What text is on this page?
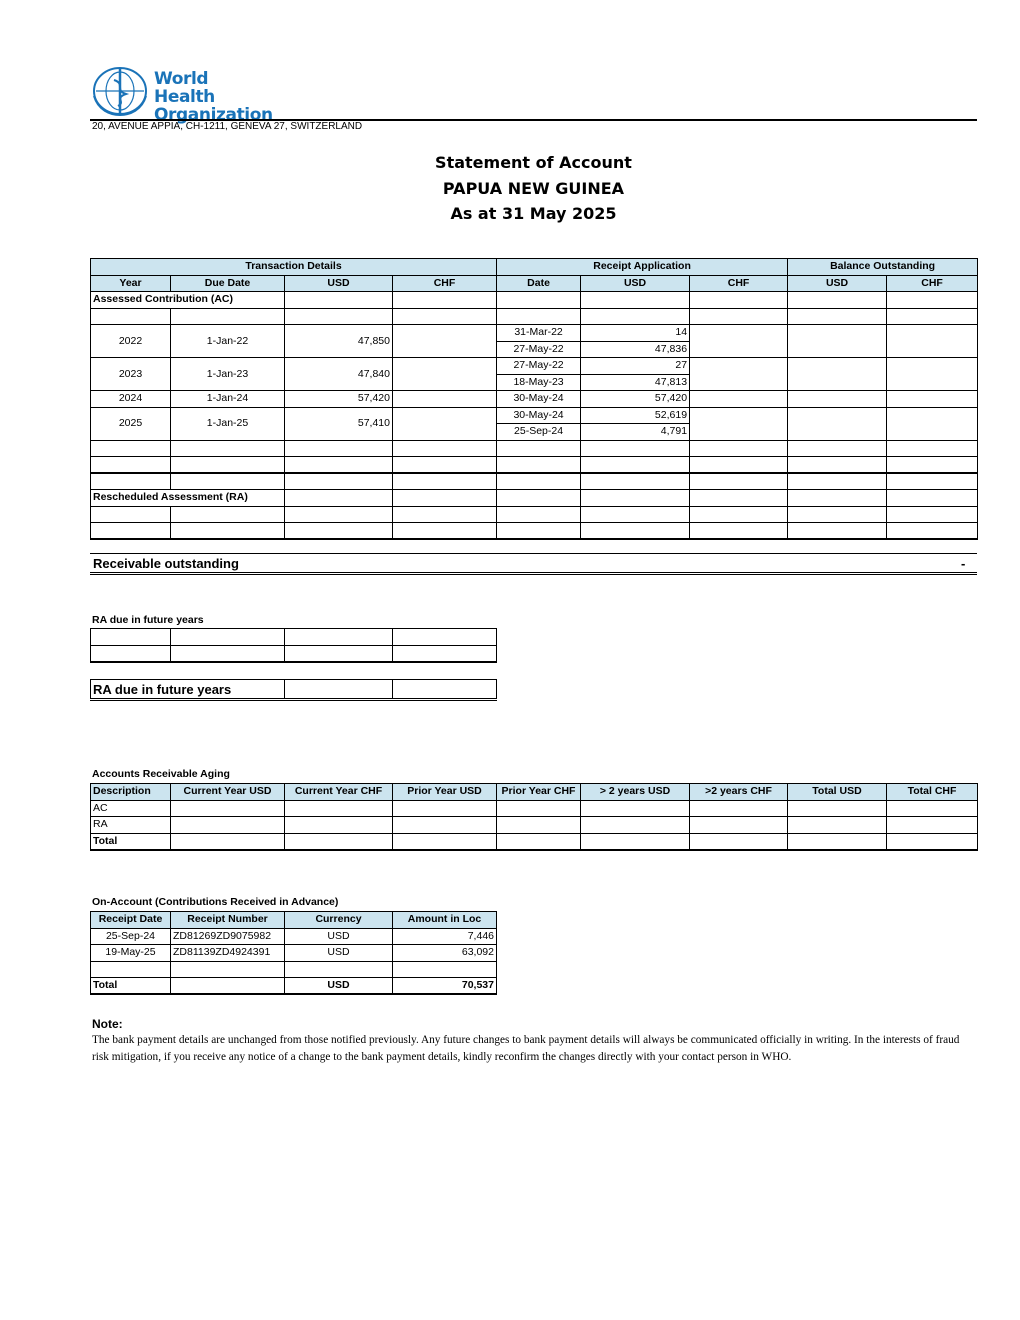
World Health
Organization
20, AVENUE APPIA, CH-1211, GENEVA 27, SWITZERLAND
Statement of Account
PAPUA NEW GUINEA
As at 31 May 2025
Transaction Details				Receipt Application			Balance Outstanding	
Year	Due Date	USD	CHF	Date	USD	CHF	USD	CHF
Assessed Contribution (AC)								

2022	1-Jan-22	47,850		31-Mar-22	14			
				27-May-22	47,836			
2023	1-Jan-23	47,840		27-May-22	27			
				18-May-23	47,813			
2024	1-Jan-24	57,420		30-May-24	57,420			
2025	1-Jan-25	57,410		30-May-24	52,619			
				25-Sep-24	4,791			

Rescheduled Assessment (RA)								

Receivable outstanding	-
RA due in future years

RA due in future years		
Accounts Receivable Aging
Description	Current Year USD	Current Year CHF	Prior Year USD	Prior Year CHF	> 2 years USD	>2 years CHF	Total USD	Total CHF
AC								
RA								
Total								
On-Account (Contributions Received in Advance)
Receipt Date	Receipt Number	Currency	Amount in Loc
25-Sep-24	ZD81269ZD9075982	USD	7,446
19-May-25	ZD81139ZD4924391	USD	63,092

Total		USD	70,537
Note:
The bank payment details are unchanged from those notified previously. Any future changes to bank payment details will always be communicated officially in writing. In the interests of fraud risk mitigation, if you receive any notice of a change to the bank payment details, kindly reconfirm the changes directly with your contact person in WHO.
